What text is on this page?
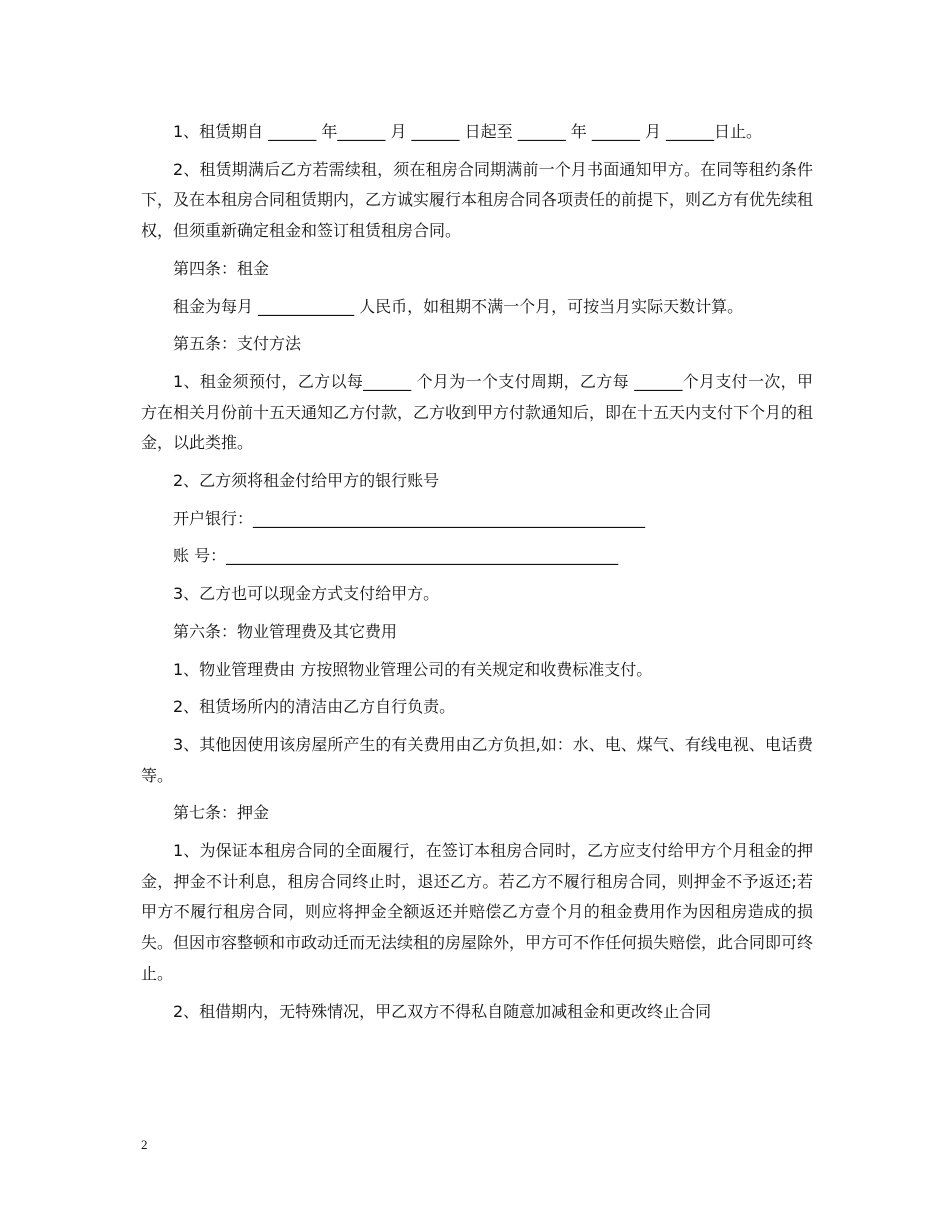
1、租赁期自 ______ 年______ 月 ______ 日起至 ______ 年 ______ 月 ______日止。

2、租赁期满后乙方若需续租，须在租房合同期满前一个月书面通知甲方。在同等租约条件下，及在本租房合同租赁期内，乙方诚实履行本租房合同各项责任的前提下，则乙方有优先续租权，但须重新确定租金和签订租赁租房合同。

第四条：租金

租金为每月 ____________ 人民币，如租期不满一个月，可按当月实际天数计算。

第五条：支付方法

1、租金须预付，乙方以每______ 个月为一个支付周期，乙方每 ______个月支付一次，甲方在相关月份前十五天通知乙方付款，乙方收到甲方付款通知后，即在十五天内支付下个月的租金，以此类推。

2、乙方须将租金付给甲方的银行账号

开户银行：_________________________________________________

账 号：_________________________________________________

3、乙方也可以现金方式支付给甲方。

第六条：物业管理费及其它费用

1、物业管理费由 方按照物业管理公司的有关规定和收费标准支付。

2、租赁场所内的清洁由乙方自行负责。

3、其他因使用该房屋所产生的有关费用由乙方负担,如：水、电、煤气、有线电视、电话费等。

第七条：押金

1、为保证本租房合同的全面履行，在签订本租房合同时，乙方应支付给甲方个月租金的押金，押金不计利息，租房合同终止时，退还乙方。若乙方不履行租房合同，则押金不予返还;若甲方不履行租房合同，则应将押金全额返还并赔偿乙方壹个月的租金费用作为因租房造成的损失。但因市容整顿和市政动迁而无法续租的房屋除外，甲方可不作任何损失赔偿，此合同即可终止。

2、租借期内，无特殊情况，甲乙双方不得私自随意加减租金和更改终止合同

2
